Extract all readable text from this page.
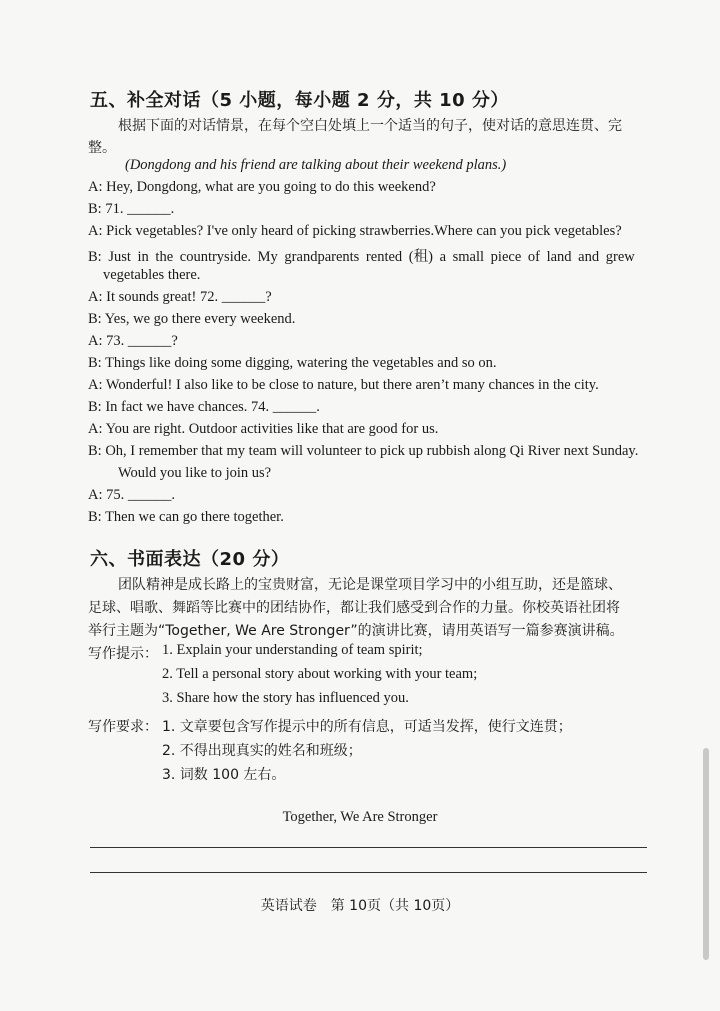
五、补全对话（5 小题，每小题 2 分，共 10 分）
根据下面的对话情景，在每个空白处填上一个适当的句子，使对话的意思连贯、完
整。
(Dongdong and his friend are talking about their weekend plans.)
A: Hey, Dongdong, what are you going to do this weekend?
B: 71. ______.
A: Pick vegetables? I've only heard of picking strawberries.Where can you pick vegetables?
B: Just in the countryside. My grandparents rented (租) a small piece of land and grew
vegetables there.
A: It sounds great! 72. ______?
B: Yes, we go there every weekend.
A: 73. ______?
B: Things like doing some digging, watering the vegetables and so on.
A: Wonderful! I also like to be close to nature, but there aren’t many chances in the city.
B: In fact we have chances. 74. ______.
A: You are right. Outdoor activities like that are good for us.
B: Oh, I remember that my team will volunteer to pick up rubbish along Qi River next Sunday.
Would you like to join us?
A: 75. ______.
B: Then we can go there together.
六、书面表达（20 分）
团队精神是成长路上的宝贵财富，无论是课堂项目学习中的小组互助，还是篮球、
足球、唱歌、舞蹈等比赛中的团结协作，都让我们感受到合作的力量。你校英语社团将
举行主题为“Together, We Are Stronger”的演讲比赛，请用英语写一篇参赛演讲稿。
写作提示： 1. Explain your understanding of team spirit;
2. Tell a personal story about working with your team;
3. Share how the story has influenced you.
写作要求： 1. 文章要包含写作提示中的所有信息，可适当发挥，使行文连贯；
2. 不得出现真实的姓名和班级；
3. 词数 100 左右。
Together, We Are Stronger
英语试卷　第 10页（共 10页）
